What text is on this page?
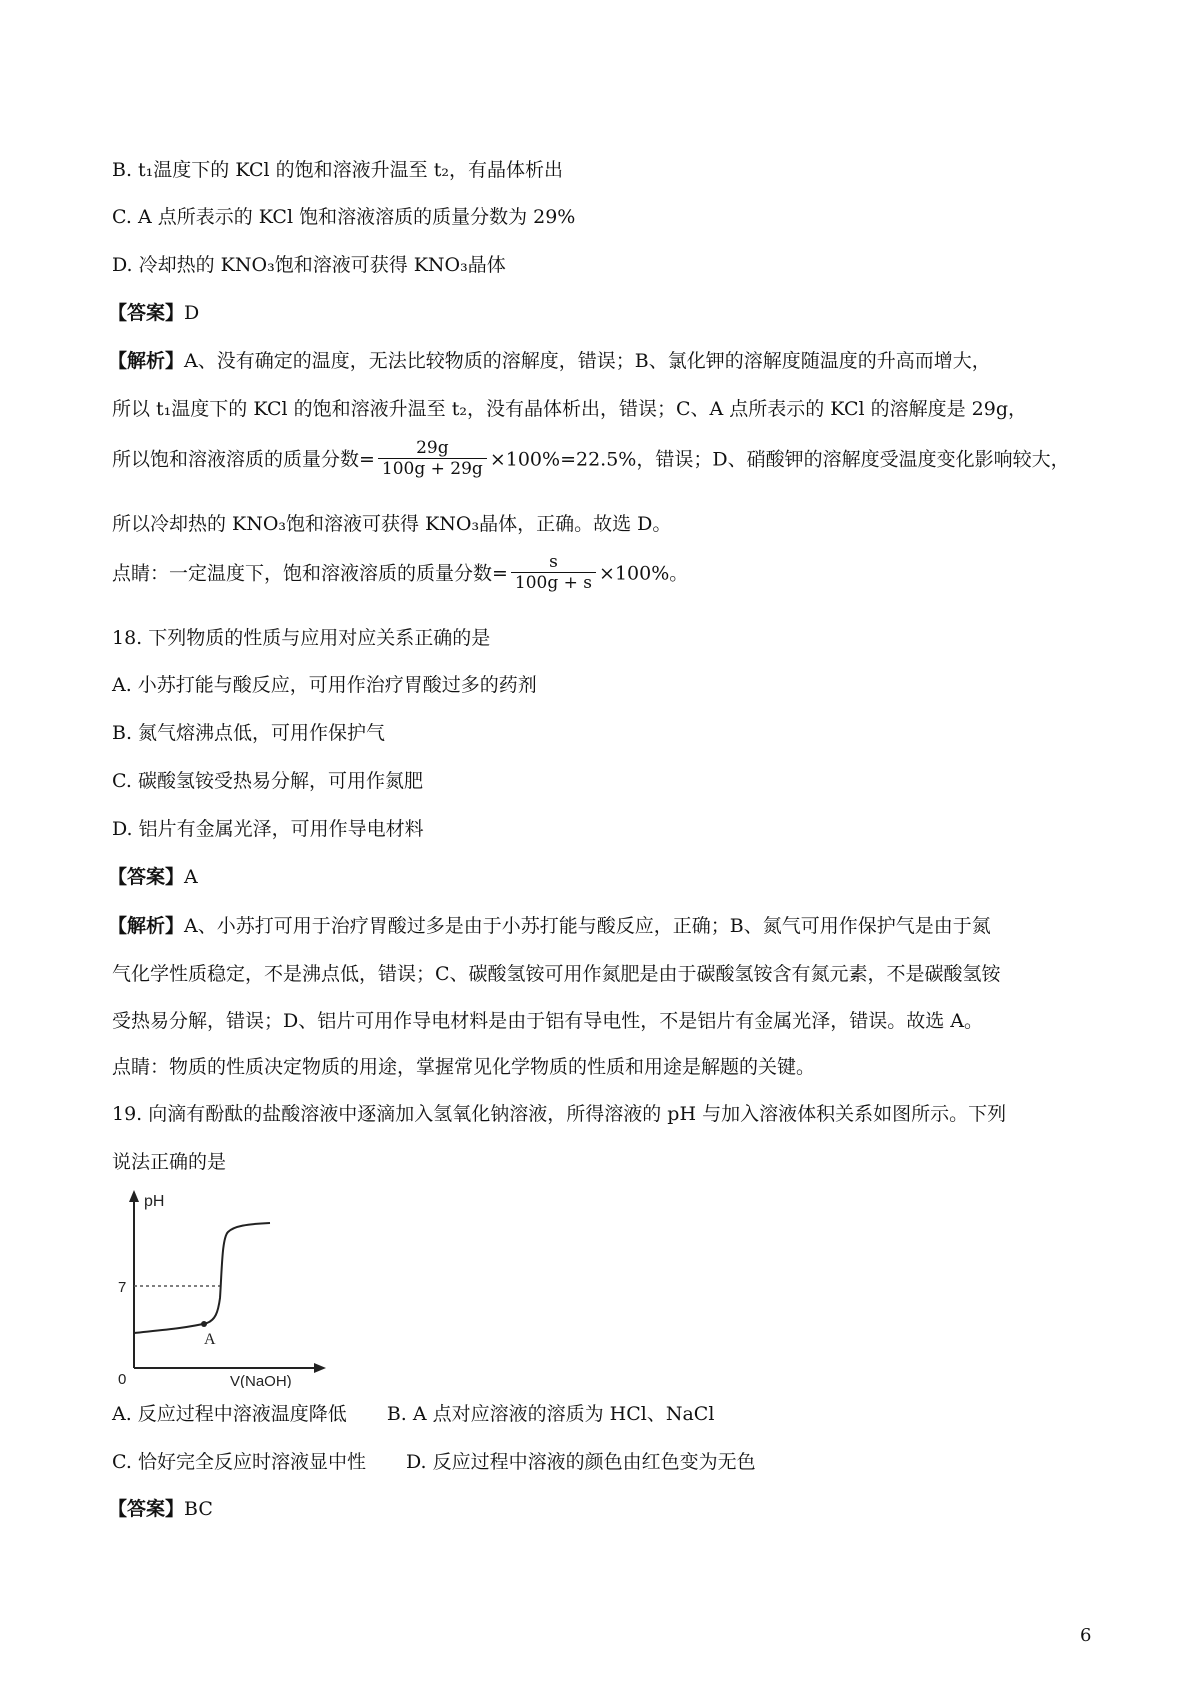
B. t₁温度下的 KCl 的饱和溶液升温至 t₂，有晶体析出
C. A 点所表示的 KCl 饱和溶液溶质的质量分数为 29%
D. 冷却热的 KNO₃饱和溶液可获得 KNO₃晶体
【答案】D
【解析】A、没有确定的温度，无法比较物质的溶解度，错误；B、氯化钾的溶解度随温度的升高而增大，
所以 t₁温度下的 KCl 的饱和溶液升温至 t₂，没有晶体析出，错误；C、A 点所表示的 KCl 的溶解度是 29g，
所以饱和溶液溶质的质量分数= $\frac{29g}{100g + 29g} \times 100\%=22.5\%$，错误；D、硝酸钾的溶解度受温度变化影响较大，
所以冷却热的 KNO₃饱和溶液可获得 KNO₃晶体，正确。故选 D。
点睛：一定温度下，饱和溶液溶质的质量分数= $\frac{s}{100g + s} \times 100\%$。
18. 下列物质的性质与应用对应关系正确的是
A. 小苏打能与酸反应，可用作治疗胃酸过多的药剂
B. 氮气熔沸点低，可用作保护气
C. 碳酸氢铵受热易分解，可用作氮肥
D. 铝片有金属光泽，可用作导电材料
【答案】A
【解析】A、小苏打可用于治疗胃酸过多是由于小苏打能与酸反应，正确；B、氮气可用作保护气是由于氮
气化学性质稳定，不是沸点低，错误；C、碳酸氢铵可用作氮肥是由于碳酸氢铵含有氮元素，不是碳酸氢铵
受热易分解，错误；D、铝片可用作导电材料是由于铝有导电性，不是铝片有金属光泽，错误。故选 A。
点睛：物质的性质决定物质的用途，掌握常见化学物质的性质和用途是解题的关键。
19. 向滴有酚酞的盐酸溶液中逐滴加入氢氧化钠溶液，所得溶液的 pH 与加入溶液体积关系如图所示。下列
说法正确的是
pH
0
7
V(NaOH)
A
A. 反应过程中溶液温度降低 B. A 点对应溶液的溶质为 HCl、NaCl
C. 恰好完全反应时溶液显中性 D. 反应过程中溶液的颜色由红色变为无色
【答案】BC
6
